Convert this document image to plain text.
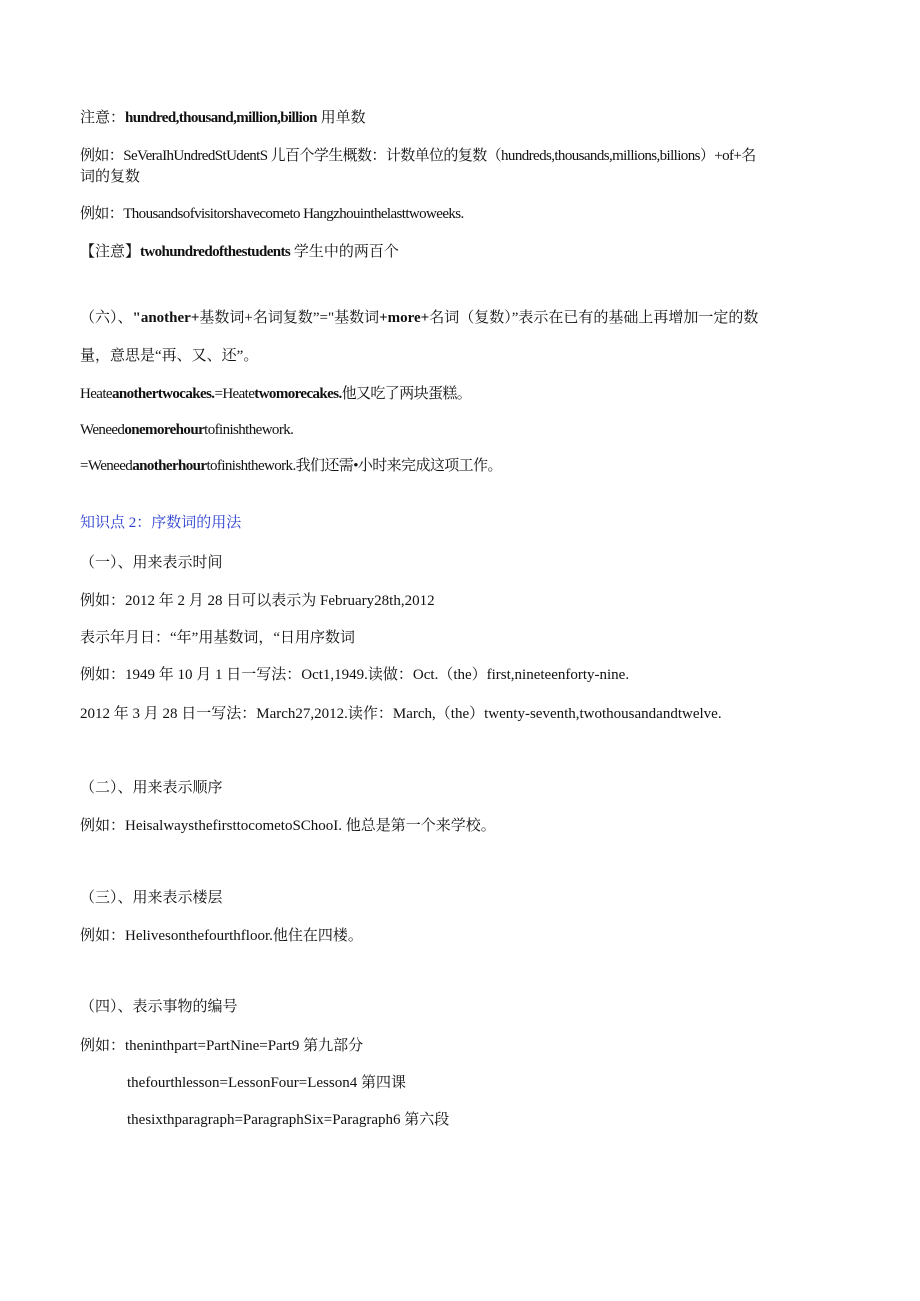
注意：hundred,thousand,million,billion 用单数
例如：SeVeraIhUndredStUdentS 儿百个学生概数：计数单位的复数（hundreds,thousands,millions,billions）+of+名
词的复数
例如：Thousandsofvisitorshavecometo Hangzhouinthelasttwoweeks.
【注意】twohundredofthestudents 学生中的两百个
（六）、"another+基数词+名词复数”="基数词+more+名词（复数）”表示在已有的基础上再增加一定的数
量，意思是“再、又、还”。
Heateanothertwocakes.=Heatetwomorecakes.他又吃了两块蛋糕。
Weneedonemorehourtofinishthework.
=Weneedanotherhourtofinishthework.我们还需•小时来完成这项工作。
知识点 2：序数词的用法
（一）、用来表示时间
例如：2012 年 2 月 28 日可以表示为 February28th,2012
表示年月日：“年”用基数词，“日用序数词
例如：1949 年 10 月 1 日一写法：Oct1,1949.读做：Oct.（the）first,nineteenforty-nine.
2012 年 3 月 28 日一写法：March27,2012.读作：March,（the）twenty-seventh,twothousandandtwelve.
（二）、用来表示顺序
例如：HeisalwaysthefirsttocometoSChooI. 他总是第一个来学校。
（三）、用来表示楼层
例如：Helivesonthefourthfloor.他住在四楼。
（四）、表示事物的编号
例如：theninthpart=PartNine=Part9 第九部分
thefourthlesson=LessonFour=Lesson4 第四课
thesixthparagraph=ParagraphSix=Paragraph6 第六段
